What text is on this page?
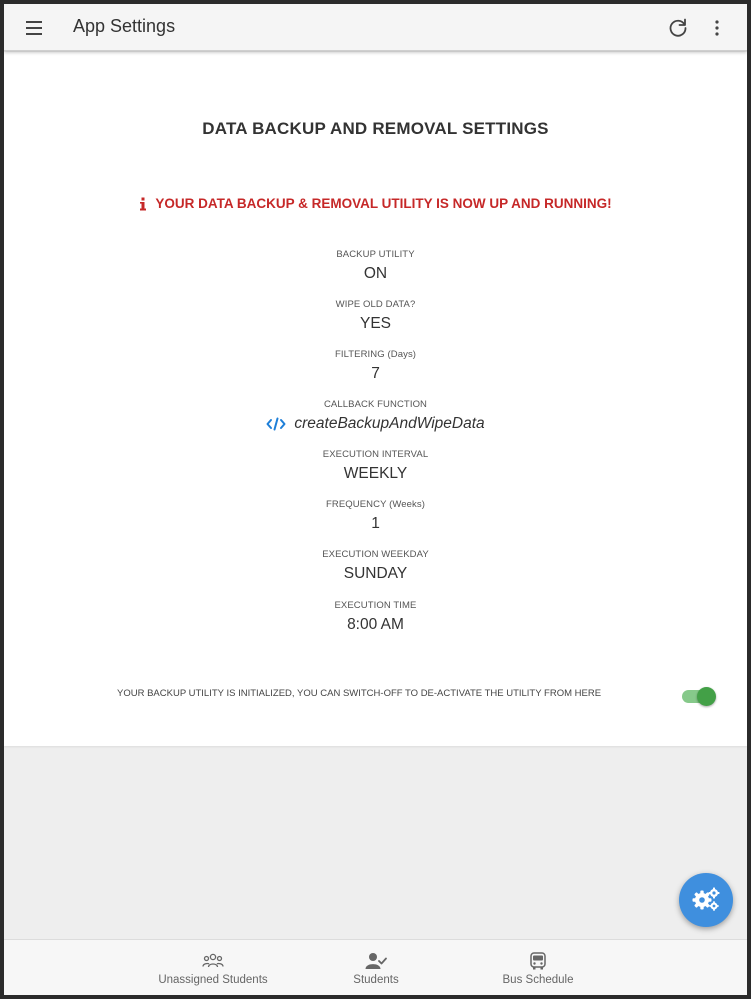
App Settings
DATA BACKUP AND REMOVAL SETTINGS
YOUR DATA BACKUP & REMOVAL UTILITY IS NOW UP AND RUNNING!
BACKUP UTILITY
ON
WIPE OLD DATA?
YES
FILTERING (Days)
7
CALLBACK FUNCTION
createBackupAndWipeData
EXECUTION INTERVAL
WEEKLY
FREQUENCY (Weeks)
1
EXECUTION WEEKDAY
SUNDAY
EXECUTION TIME
8:00 AM
YOUR BACKUP UTILITY IS INITIALIZED, YOU CAN SWITCH-OFF TO DE-ACTIVATE THE UTILITY FROM HERE
Unassigned Students	Students	Bus Schedule
